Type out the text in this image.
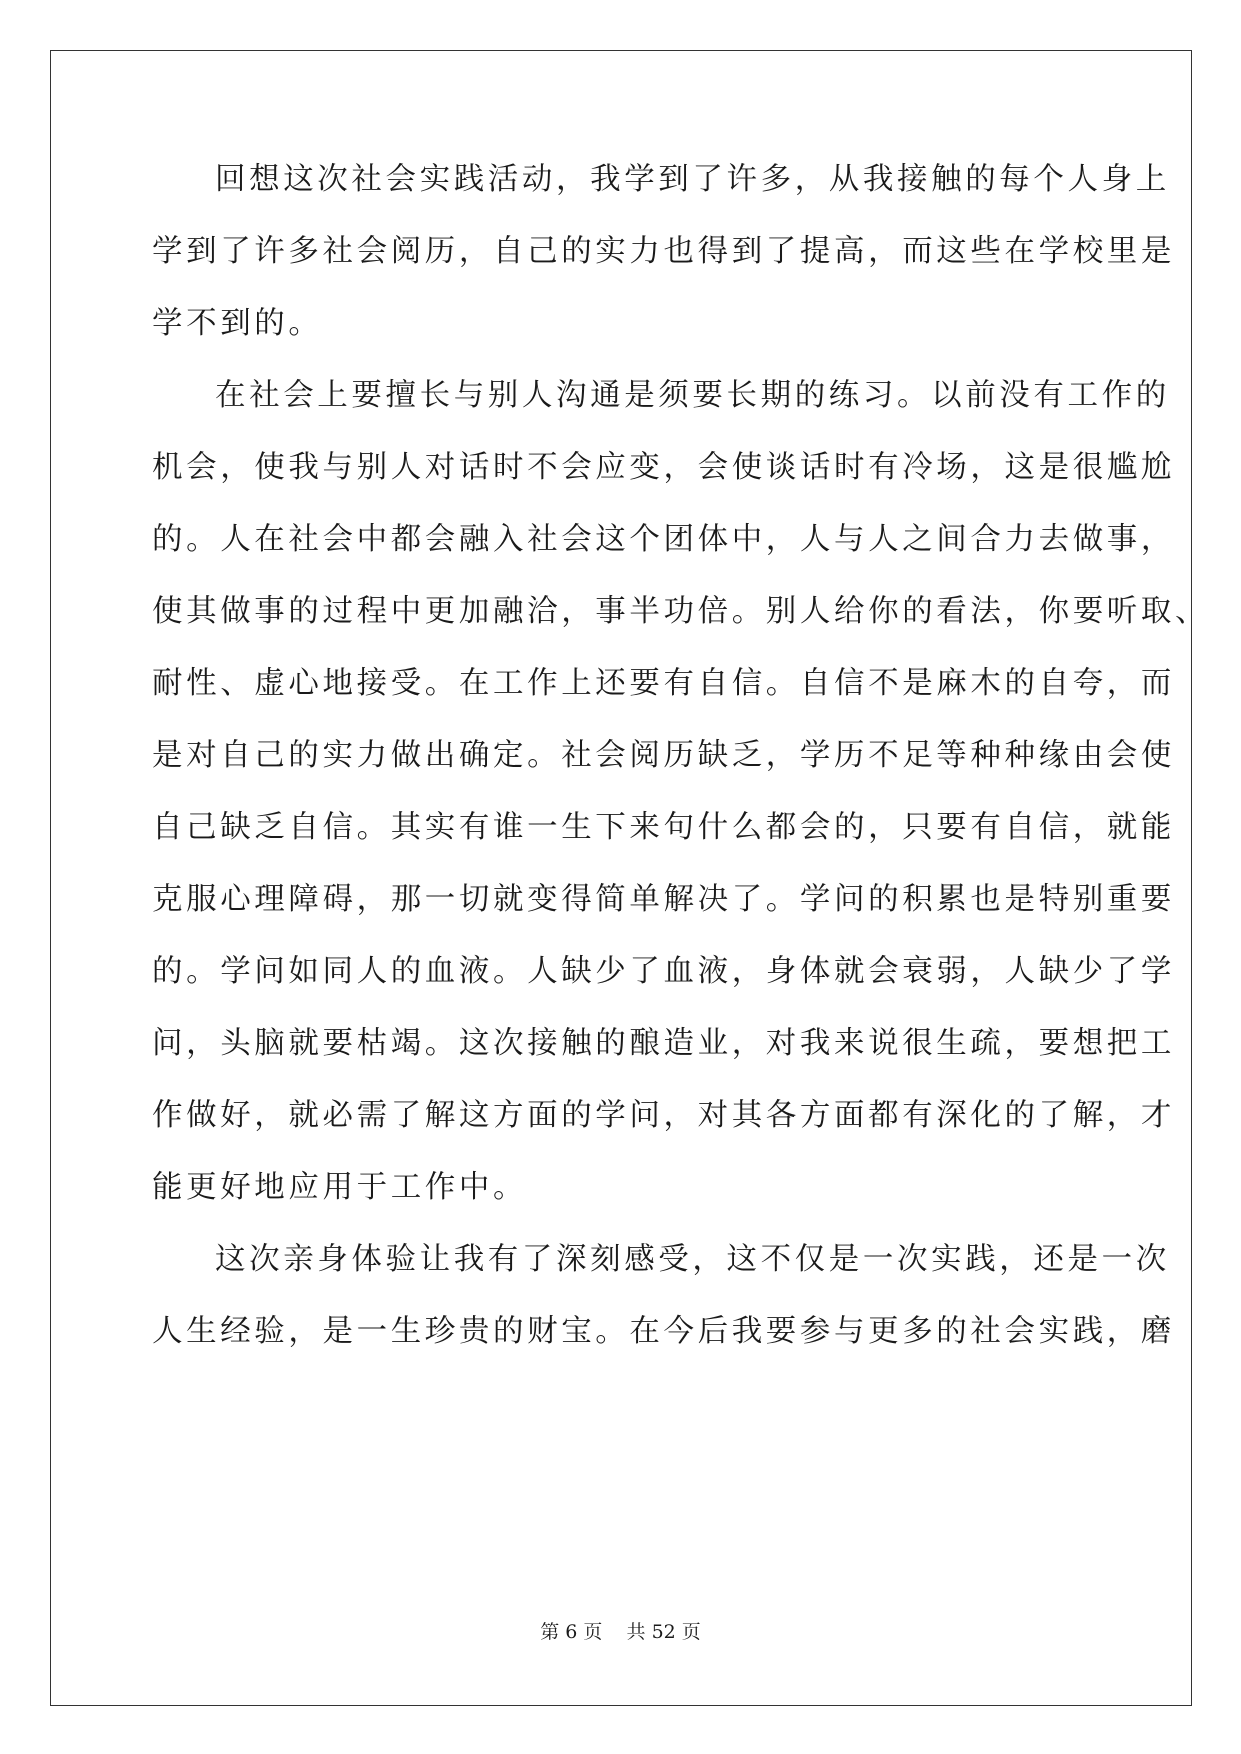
回想这次社会实践活动，我学到了许多，从我接触的每个人身上
学到了许多社会阅历，自己的实力也得到了提高，而这些在学校里是
学不到的。
在社会上要擅长与别人沟通是须要长期的练习。以前没有工作的
机会，使我与别人对话时不会应变，会使谈话时有冷场，这是很尴尬
的。人在社会中都会融入社会这个团体中，人与人之间合力去做事，
使其做事的过程中更加融洽，事半功倍。别人给你的看法，你要听取、
耐性、虚心地接受。在工作上还要有自信。自信不是麻木的自夸，而
是对自己的实力做出确定。社会阅历缺乏，学历不足等种种缘由会使
自己缺乏自信。其实有谁一生下来句什么都会的，只要有自信，就能
克服心理障碍，那一切就变得简单解决了。学问的积累也是特别重要
的。学问如同人的血液。人缺少了血液，身体就会衰弱，人缺少了学
问，头脑就要枯竭。这次接触的酿造业，对我来说很生疏，要想把工
作做好，就必需了解这方面的学问，对其各方面都有深化的了解，才
能更好地应用于工作中。
这次亲身体验让我有了深刻感受，这不仅是一次实践，还是一次
人生经验，是一生珍贵的财宝。在今后我要参与更多的社会实践，磨
第 6 页 共 52 页
